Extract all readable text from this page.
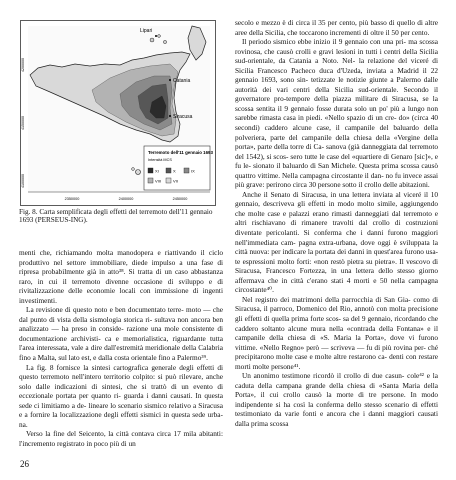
Lipari
Catania
Siracusa
4200000
4150000
4100000
2350000	2400000	2450000
Terremoto dell'11 gennaio 1693
Intensità MCS
XI	X	IX
VIII	VII
Fig. 8. Carta semplificata degli effetti del terremoto dell'11 gennaio
1693 (PERSEUS-ING).

menti che, richiamando molta manodopera e riattivando il ciclo produttivo nel settore immobiliare, diede impulso a una fase di ripresa probabilmente già in atto³⁸. Si tratta di un caso abbastanza raro, in cui il terremoto divenne occasione di sviluppo e di rivitalizzazione delle economie locali con immissione di ingenti investimenti.

La revisione di questo noto e ben documentato terre- moto — che dal punto di vista della sismologia storica ri- sultava non ancora ben analizzato — ha preso in conside- razione una mole consistente di documentazione archivisti- ca e memorialistica, riguardante tutta l'area interessata, vale a dire dall'estremità meridionale della Calabria fino a Malta, sul lato est, e dalla costa orientale fino a Palermo³⁹.

La fig. 8 fornisce la sintesi cartografica generale degli effetti di questo terremoto nell'intero territorio colpito: si può rilevare, anche solo dalle indicazioni di sintesi, che si trattò di un evento di eccezionale portata per quanto ri- guarda i danni causati. In questa sede ci limitiamo a de- lineare lo scenario sismico relativo a Siracusa e a fornire la localizzazione degli effetti sismici in questa sede urba- na.

Verso la fine del Seicento, la città contava circa 17 mila abitanti: l'incremento registrato in poco più di un

secolo e mezzo è di circa il 35 per cento, più basso di quello di altre aree della Sicilia, che toccarono incrementi di oltre il 50 per cento.

Il periodo sismico ebbe inizio il 9 gennaio con una pri- ma scossa rovinosa, che causò crolli e gravi lesioni in tutti i centri della Sicilia sud-orientale, da Catania a Noto. Nel- la relazione del viceré di Sicilia Francesco Pacheco duca d'Uzeda, inviata a Madrid il 22 gennaio 1693, sono sin- tetizzate le notizie giunte a Palermo dalle autorità dei vari centri della Sicilia sud-orientale. Secondo il governatore pro-tempore della piazza militare di Siracusa, se la scossa sentita il 9 gennaio fosse durata solo un po' più a lungo non sarebbe rimasta casa in piedi. «Nello spazio di un cre- do» (circa 40 secondi) caddero alcune case, il campanile del baluardo della polveriera, parte del campanile della chiesa della «Vergine della porta», parte della torre di Ca- sanova (già danneggiata dal terremoto del 1542), si scos- sero tutte le case del «quartiere di Genaro [sic]», e fu le- sionato il baluardo di San Michele. Questa prima scossa causò quattro vittime. Nella campagna circostante il dan- no fu invece assai più grave: perirono circa 30 persone sotto il crollo delle abitazioni.

Anche il Senato di Siracusa, in una lettera inviata al viceré il 10 gennaio, descriveva gli effetti in modo molto simile, aggiungendo che molte case e palazzi erano rimasti danneggiati dal terremoto e altri rischiavano di rimanere travolti dal crollo di costruzioni diventate pericolanti. Si conferma che i danni furono maggiori nell'immediata cam- pagna extra-urbana, dove oggi è sviluppata la città nuova: per indicare la portata dei danni in quest'area furono usa- te espressioni molto forti: «non restò pietra su pietra». Il vescovo di Siracusa, Francesco Fortezza, in una lettera dello stesso giorno affermava che in città c'erano stati 4 morti e 50 nella campagna circostante⁴⁰.

Nel registro dei matrimoni della parrocchia di San Gia- como di Siracusa, il parroco, Domenico del Rio, annotò con molta precisione gli effetti di quella prima forte scos- sa del 9 gennaio, ricordando che caddero soltanto alcune mura nella «contrada della Fontana» e il campanile della chiesa di «S. Maria la Porta», dove vi furono vittime. «Nello Regno» però — scriveva — fu di più rovina per- ché precipitarono molte case e molte altre restarono ca- denti con restare morti molte persone⁴¹.

Un anonimo testimone ricordò il crollo di due casun- cole⁴² e la caduta della campana grande della chiesa di «Santa Maria della Porta», il cui crollo causò la morte di tre persone. In modo indipendente si ha così la conferma dello stesso scenario di effetti testimoniato da varie fonti e ancora che i danni maggiori causati dalla prima scossa

26
